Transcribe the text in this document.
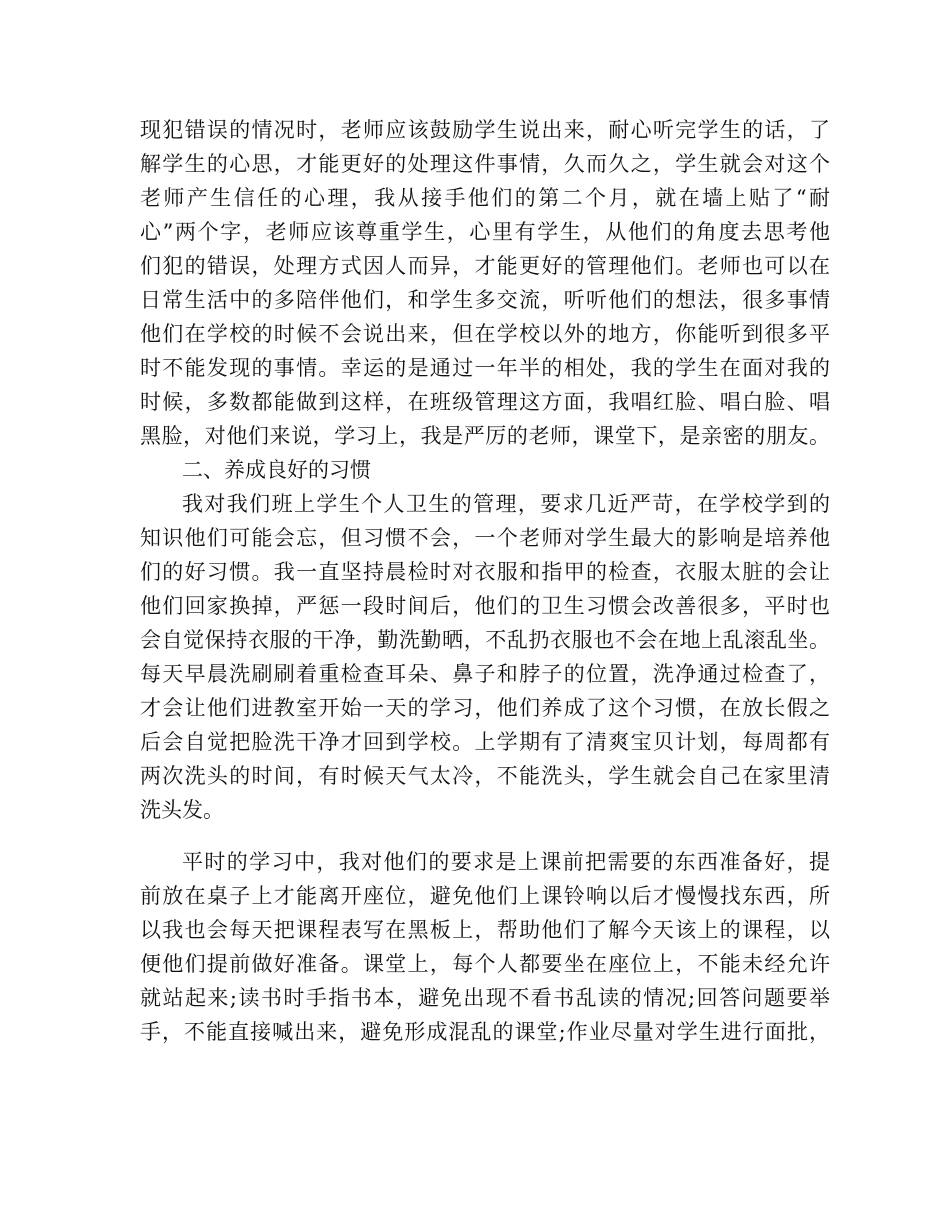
现犯错误的情况时，老师应该鼓励学生说出来，耐心听完学生的话，了
解学生的心思，才能更好的处理这件事情，久而久之，学生就会对这个
老师产生信任的心理，我从接手他们的第二个月，就在墙上贴了“耐
心”两个字，老师应该尊重学生，心里有学生，从他们的角度去思考他
们犯的错误，处理方式因人而异，才能更好的管理他们。老师也可以在
日常生活中的多陪伴他们，和学生多交流，听听他们的想法，很多事情
他们在学校的时候不会说出来，但在学校以外的地方，你能听到很多平
时不能发现的事情。幸运的是通过一年半的相处，我的学生在面对我的
时候，多数都能做到这样，在班级管理这方面，我唱红脸、唱白脸、唱
黑脸，对他们来说，学习上，我是严厉的老师，课堂下，是亲密的朋友。
二、养成良好的习惯
我对我们班上学生个人卫生的管理，要求几近严苛，在学校学到的
知识他们可能会忘，但习惯不会，一个老师对学生最大的影响是培养他
们的好习惯。我一直坚持晨检时对衣服和指甲的检查，衣服太脏的会让
他们回家换掉，严惩一段时间后，他们的卫生习惯会改善很多，平时也
会自觉保持衣服的干净，勤洗勤晒，不乱扔衣服也不会在地上乱滚乱坐。
每天早晨洗刷刷着重检查耳朵、鼻子和脖子的位置，洗净通过检查了，
才会让他们进教室开始一天的学习，他们养成了这个习惯，在放长假之
后会自觉把脸洗干净才回到学校。上学期有了清爽宝贝计划，每周都有
两次洗头的时间，有时候天气太冷，不能洗头，学生就会自己在家里清
洗头发。
平时的学习中，我对他们的要求是上课前把需要的东西准备好，提
前放在桌子上才能离开座位，避免他们上课铃响以后才慢慢找东西，所
以我也会每天把课程表写在黑板上，帮助他们了解今天该上的课程，以
便他们提前做好准备。课堂上，每个人都要坐在座位上，不能未经允许
就站起来;读书时手指书本，避免出现不看书乱读的情况;回答问题要举
手，不能直接喊出来，避免形成混乱的课堂;作业尽量对学生进行面批，
